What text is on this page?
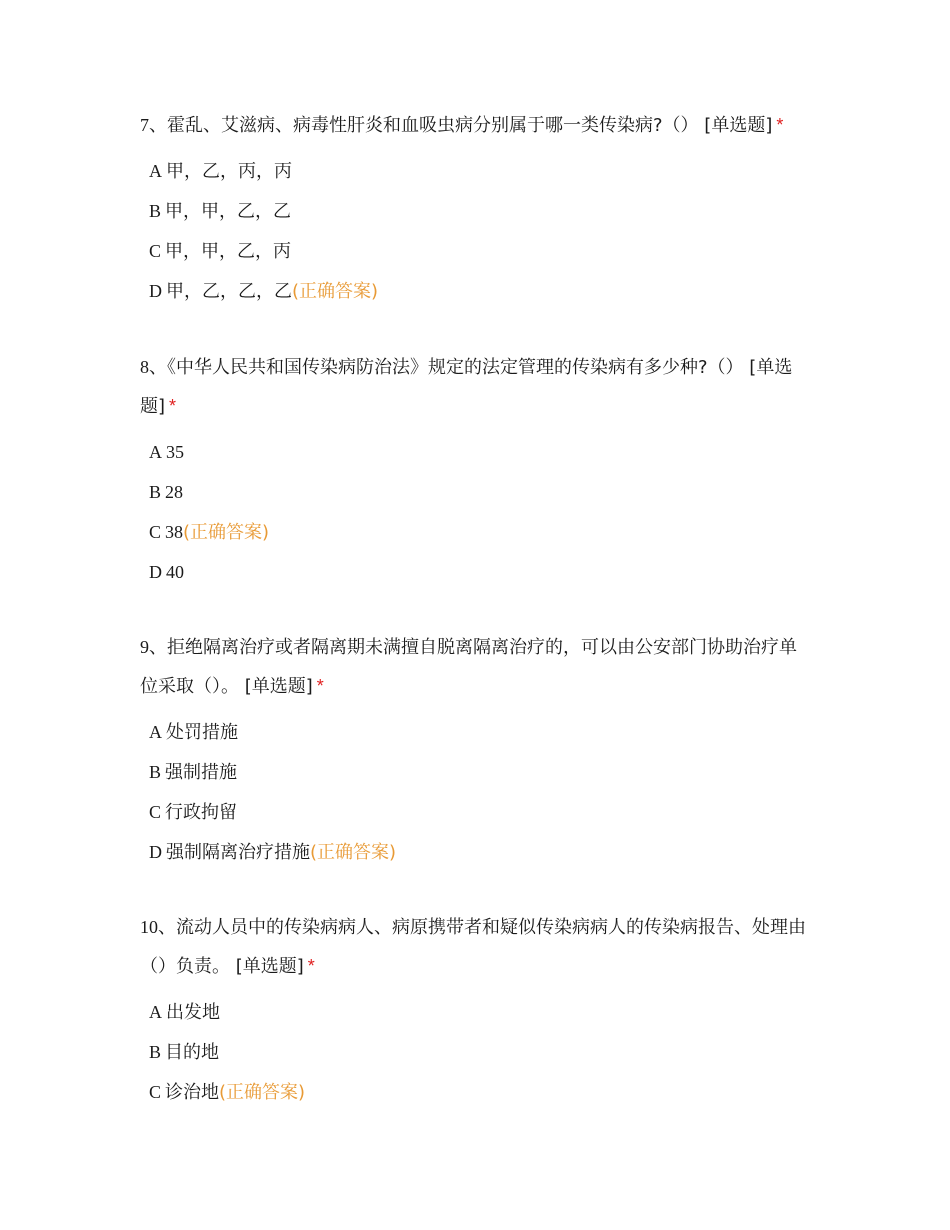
7、霍乱、艾滋病、病毒性肝炎和血吸虫病分别属于哪一类传染病?（） [单选题] *

A 甲，乙，丙，丙
B 甲，甲，乙，乙
C 甲，甲，乙，丙
D 甲，乙，乙，乙(正确答案)

8、《中华人民共和国传染病防治法》规定的法定管理的传染病有多少种?（） [单选题] *

A 35
B 28
C 38(正确答案)
D 40

9、拒绝隔离治疗或者隔离期未满擅自脱离隔离治疗的，可以由公安部门协助治疗单位采取（）。 [单选题] *

A 处罚措施
B 强制措施
C 行政拘留
D 强制隔离治疗措施(正确答案)

10、流动人员中的传染病病人、病原携带者和疑似传染病病人的传染病报告、处理由（）负责。 [单选题] *

A 出发地
B 目的地
C 诊治地(正确答案)
